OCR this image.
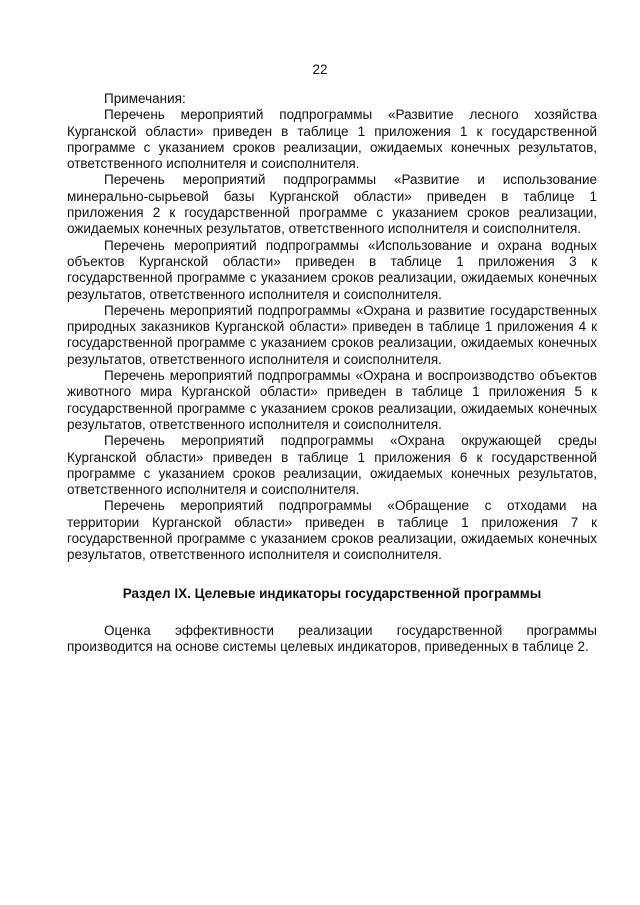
22

Примечания:

Перечень мероприятий подпрограммы «Развитие лесного хозяйства Курганской области» приведен в таблице 1 приложения 1 к государственной программе с указанием сроков реализации, ожидаемых конечных результатов, ответственного исполнителя и соисполнителя.

Перечень мероприятий подпрограммы «Развитие и использование минерально-сырьевой базы Курганской области» приведен в таблице 1 приложения 2 к государственной программе с указанием сроков реализации, ожидаемых конечных результатов, ответственного исполнителя и соисполнителя.

Перечень мероприятий подпрограммы «Использование и охрана водных объектов Курганской области» приведен в таблице 1 приложения 3 к государственной программе с указанием сроков реализации, ожидаемых конечных результатов, ответственного исполнителя и соисполнителя.

Перечень мероприятий подпрограммы «Охрана и развитие государственных природных заказников Курганской области» приведен в таблице 1 приложения 4 к государственной программе с указанием сроков реализации, ожидаемых конечных результатов, ответственного исполнителя и соисполнителя.

Перечень мероприятий подпрограммы «Охрана и воспроизводство объектов животного мира Курганской области» приведен в таблице 1 приложения 5 к государственной программе с указанием сроков реализации, ожидаемых конечных результатов, ответственного исполнителя и соисполнителя.

Перечень мероприятий подпрограммы «Охрана окружающей среды Курганской области» приведен в таблице 1 приложения 6 к государственной программе с указанием сроков реализации, ожидаемых конечных результатов, ответственного исполнителя и соисполнителя.

Перечень мероприятий подпрограммы «Обращение с отходами на территории Курганской области» приведен в таблице 1 приложения 7 к государственной программе с указанием сроков реализации, ожидаемых конечных результатов, ответственного исполнителя и соисполнителя.

Раздел IX. Целевые индикаторы государственной программы

Оценка эффективности реализации государственной программы производится на основе системы целевых индикаторов, приведенных в таблице 2.
